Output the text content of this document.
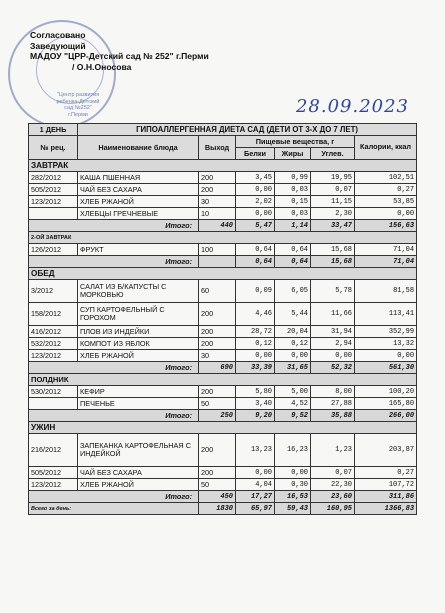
"Центр развития
ребенка-Детский
сад №252"
г.Перми
Согласовано
Заведующий
МАДОУ "ЦРР-Детский сад № 252" г.Перми
/ О.Н.Оносова
28.09.2023
1 ДЕНЬ	ГИПОАЛЛЕРГЕННАЯ ДИЕТА САД (ДЕТИ ОТ 3-Х ДО 7 ЛЕТ)					
№ рец.	Наименование блюда	Выход	Пищевые вещества, г			Калории, ккал
			Белки	Жиры	Углев.	
ЗАВТРАК						
282/2012	КАША ПШЕННАЯ	200	3,45	0,99	19,95	102,51
505/2012	ЧАЙ БЕЗ САХАРА	200	0,00	0,03	0,07	0,27
123/2012	ХЛЕБ РЖАНОЙ	30	2,02	0,15	11,15	53,85
	ХЛЕБЦЫ ГРЕЧНЕВЫЕ	10	0,00	0,03	2,30	0,00
Итого:		440	5,47	1,14	33,47	156,63
2-ОЙ ЗАВТРАК						
126/2012	ФРУКТ	100	0,64	0,64	15,68	71,04
Итого:			0,64	0,64	15,68	71,04
ОБЕД						
3/2012	САЛАТ ИЗ Б/КАПУСТЫ С МОРКОВЬЮ	60	0,09	6,05	5,78	81,58
158/2012	СУП КАРТОФЕЛЬНЫЙ С ГОРОХОМ	200	4,46	5,44	11,66	113,41
416/2012	ПЛОВ ИЗ ИНДЕЙКИ	200	28,72	20,04	31,94	352,99
532/2012	КОМПОТ ИЗ ЯБЛОК	200	0,12	0,12	2,94	13,32
123/2012	ХЛЕБ РЖАНОЙ	30	0,00	0,00	0,00	0,00
Итого:		690	33,39	31,65	52,32	561,30
ПОЛДНИК						
530/2012	КЕФИР	200	5,80	5,00	8,00	100,20
	ПЕЧЕНЬЕ	50	3,40	4,52	27,88	165,80
Итого:		250	9,20	9,52	35,88	266,00
УЖИН						
216/2012	ЗАПЕКАНКА КАРТОФЕЛЬНАЯ С ИНДЕЙКОЙ	200	13,23	16,23	1,23	203,87
505/2012	ЧАЙ БЕЗ САХАРА	200	0,00	0,00	0,07	0,27
123/2012	ХЛЕБ РЖАНОЙ	50	4,04	0,30	22,30	107,72
Итого:		450	17,27	16,53	23,60	311,86
Всего за день:		1830	65,97	59,43	160,95	1366,83
